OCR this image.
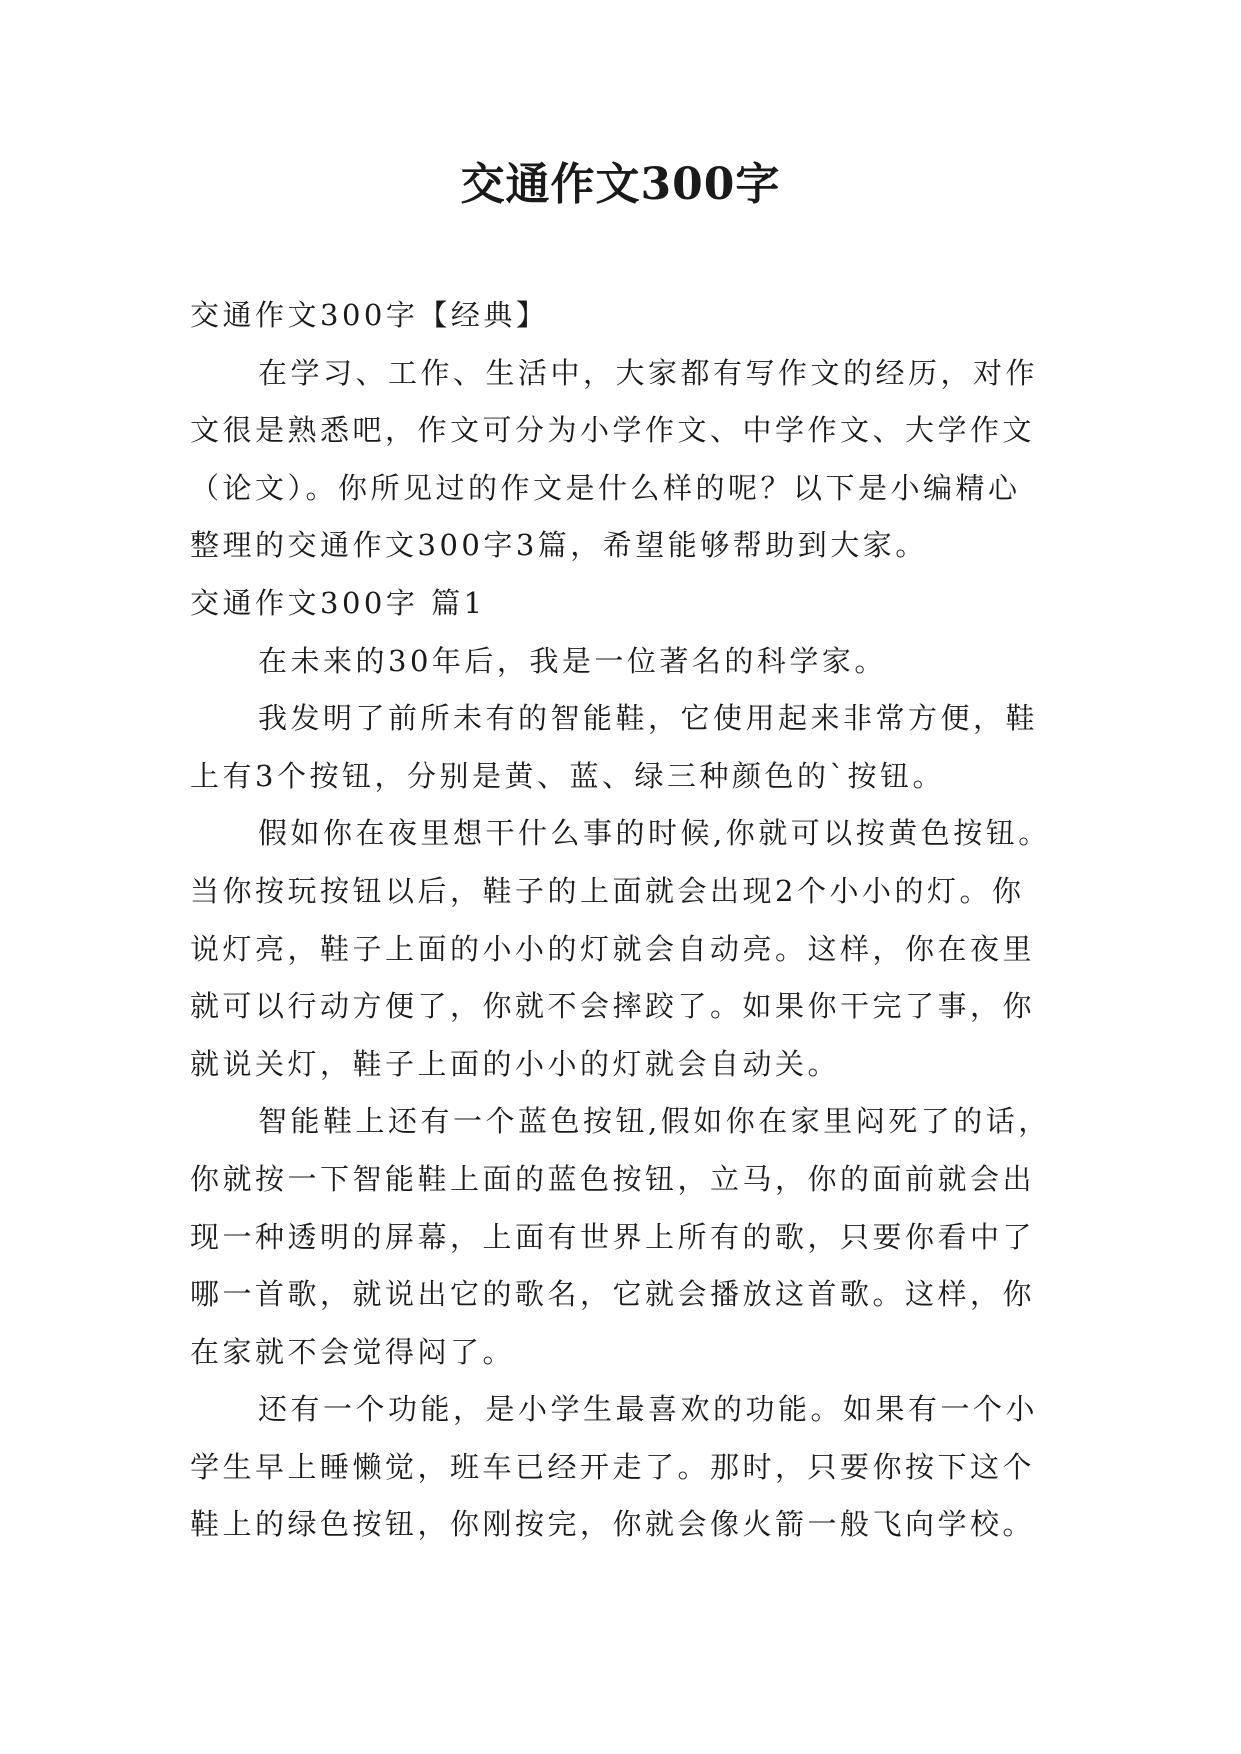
交通作文300字
交通作文300字【经典】
在学习、工作、生活中，大家都有写作文的经历，对作
文很是熟悉吧，作文可分为小学作文、中学作文、大学作文
（论文）。你所见过的作文是什么样的呢？以下是小编精心
整理的交通作文300字3篇，希望能够帮助到大家。
交通作文300字 篇1
在未来的30年后，我是一位著名的科学家。
我发明了前所未有的智能鞋，它使用起来非常方便，鞋
上有3个按钮，分别是黄、蓝、绿三种颜色的`按钮。
假如你在夜里想干什么事的时候,你就可以按黄色按钮。
当你按玩按钮以后，鞋子的上面就会出现2个小小的灯。你
说灯亮，鞋子上面的小小的灯就会自动亮。这样，你在夜里
就可以行动方便了，你就不会摔跤了。如果你干完了事，你
就说关灯，鞋子上面的小小的灯就会自动关。
智能鞋上还有一个蓝色按钮,假如你在家里闷死了的话，
你就按一下智能鞋上面的蓝色按钮，立马，你的面前就会出
现一种透明的屏幕，上面有世界上所有的歌，只要你看中了
哪一首歌，就说出它的歌名，它就会播放这首歌。这样，你
在家就不会觉得闷了。
还有一个功能，是小学生最喜欢的功能。如果有一个小
学生早上睡懒觉，班车已经开走了。那时，只要你按下这个
鞋上的绿色按钮，你刚按完，你就会像火箭一般飞向学校。
